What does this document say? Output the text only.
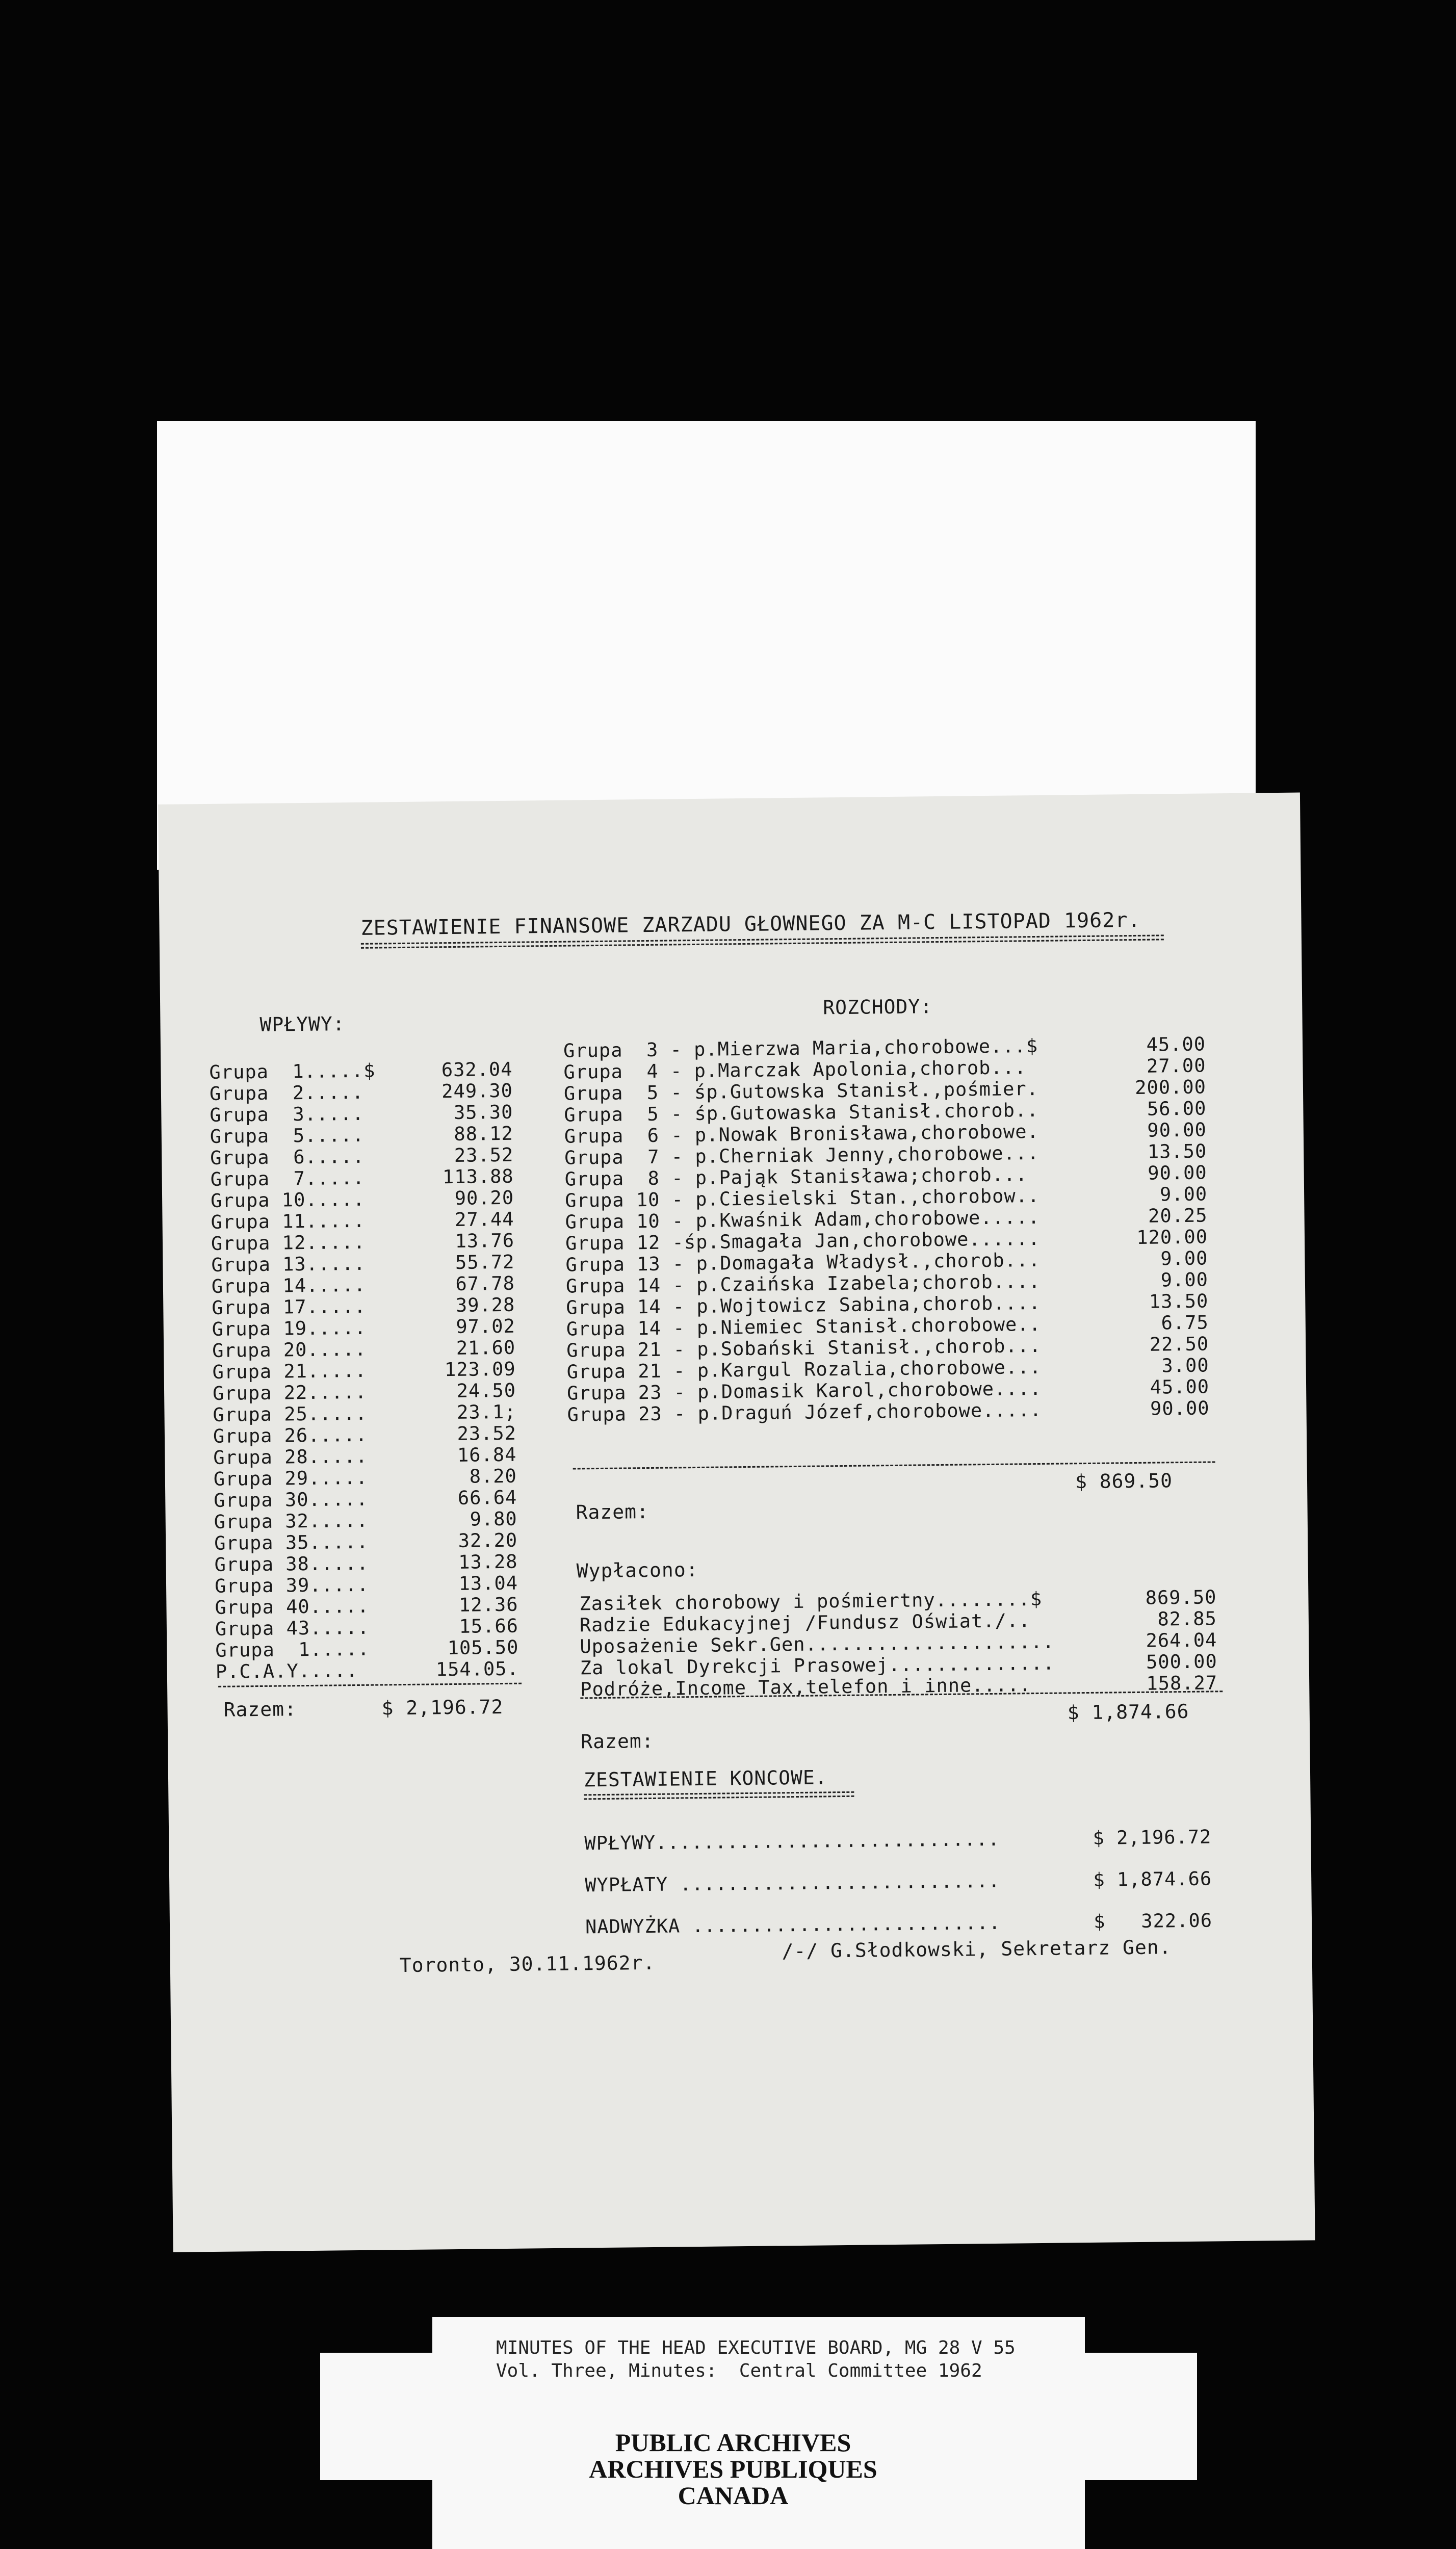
ZESTAWIENIE FINANSOWE ZARZADU GŁOWNEGO ZA M-C LISTOPAD 1962r.
WPŁYWY:
ROZCHODY:
Razem:	$ 2,196.72
$ 869.50
Razem:
Wypłacono:
$ 1,874.66
Razem:
ZESTAWIENIE KONCOWE.
Toronto, 30.11.1962r.
/-/ G.Słodkowski, Sekretarz Gen.
Grupa  1.....$	632.04
Grupa  2.....	249.30
Grupa  3.....	35.30
Grupa  5.....	88.12
Grupa  6.....	23.52
Grupa  7.....	113.88
Grupa 10.....	90.20
Grupa 11.....	27.44
Grupa 12.....	13.76
Grupa 13.....	55.72
Grupa 14.....	67.78
Grupa 17.....	39.28
Grupa 19.....	97.02
Grupa 20.....	21.60
Grupa 21.....	123.09
Grupa 22.....	24.50
Grupa 25.....	23.1;
Grupa 26.....	23.52
Grupa 28.....	16.84
Grupa 29.....	8.20
Grupa 30.....	66.64
Grupa 32.....	9.80
Grupa 35.....	32.20
Grupa 38.....	13.28
Grupa 39.....	13.04
Grupa 40.....	12.36
Grupa 43.....	15.66
Grupa  1.....	105.50
P.C.A.Y.....	154.05.
Grupa  3 - p.Mierzwa Maria,chorobowe...$	45.00
Grupa  4 - p.Marczak Apolonia,chorob...	27.00
Grupa  5 - śp.Gutowska Stanisł.,pośmier.	200.00
Grupa  5 - śp.Gutowaska Stanisł.chorob..	56.00
Grupa  6 - p.Nowak Bronisława,chorobowe.	90.00
Grupa  7 - p.Cherniak Jenny,chorobowe...	13.50
Grupa  8 - p.Pająk Stanisława;chorob...	90.00
Grupa 10 - p.Ciesielski Stan.,chorobow..	9.00
Grupa 10 - p.Kwaśnik Adam,chorobowe.....	20.25
Grupa 12 -śp.Smagała Jan,chorobowe......	120.00
Grupa 13 - p.Domagała Władysł.,chorob...	9.00
Grupa 14 - p.Czaińska Izabela;chorob....	9.00
Grupa 14 - p.Wojtowicz Sabina,chorob....	13.50
Grupa 14 - p.Niemiec Stanisł.chorobowe..	6.75
Grupa 21 - p.Sobański Stanisł.,chorob...	22.50
Grupa 21 - p.Kargul Rozalia,chorobowe...	3.00
Grupa 23 - p.Domasik Karol,chorobowe....	45.00
Grupa 23 - p.Draguń Józef,chorobowe.....	90.00
Zasiłek chorobowy i pośmiertny........$	869.50
Radzie Edukacyjnej /Fundusz Oświat./..	82.85
Uposażenie Sekr.Gen.....................	264.04
Za lokal Dyrekcji Prasowej..............	500.00
Podróże,Income Tax,telefon i inne.....	158.27
WPŁYWY.............................	$ 2,196.72
WYPŁATY ...........................	$ 1,874.66
NADWYŻKA ..........................	$   322.06
MINUTES OF THE HEAD EXECUTIVE BOARD, MG 28 V 55
Vol. Three, Minutes:  Central Committee 1962
PUBLIC ARCHIVES
ARCHIVES PUBLIQUES
CANADA
